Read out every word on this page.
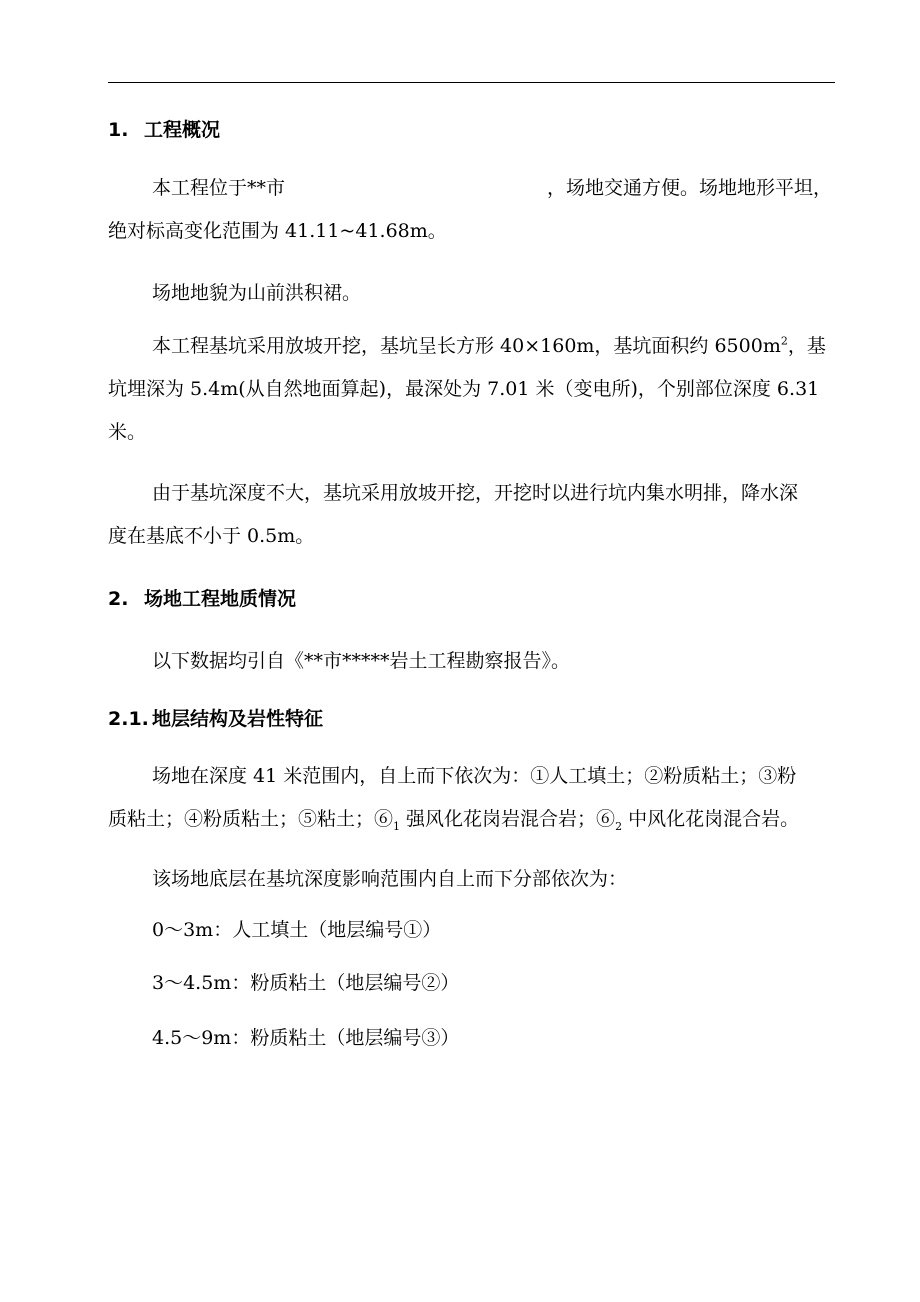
1. 工程概况
本工程位于**市	，场地交通方便。场地地形平坦，
绝对标高变化范围为 41.11~41.68m。
场地地貌为山前洪积裙。
本工程基坑采用放坡开挖，基坑呈长方形 40×160m，基坑面积约 $6500m^2$，基
坑埋深为 5.4m(从自然地面算起)，最深处为 7.01 米（变电所)，个别部位深度 6.31
米。
由于基坑深度不大，基坑采用放坡开挖，开挖时以进行坑内集水明排，降水深
度在基底不小于 0.5m。
2. 场地工程地质情况
以下数据均引自《**市*****岩土工程勘察报告》。
2.1. 地层结构及岩性特征
场地在深度 41 米范围内，自上而下依次为：①人工填土；②粉质粘土；③粉
质粘土；④粉质粘土；⑤粘土；$⑥_1$ 强风化花岗岩混合岩；$⑥_2$ 中风化花岗混合岩。
该场地底层在基坑深度影响范围内自上而下分部依次为：
0～3m：人工填土（地层编号①）
3～4.5m：粉质粘土（地层编号②）
4.5～9m：粉质粘土（地层编号③）
